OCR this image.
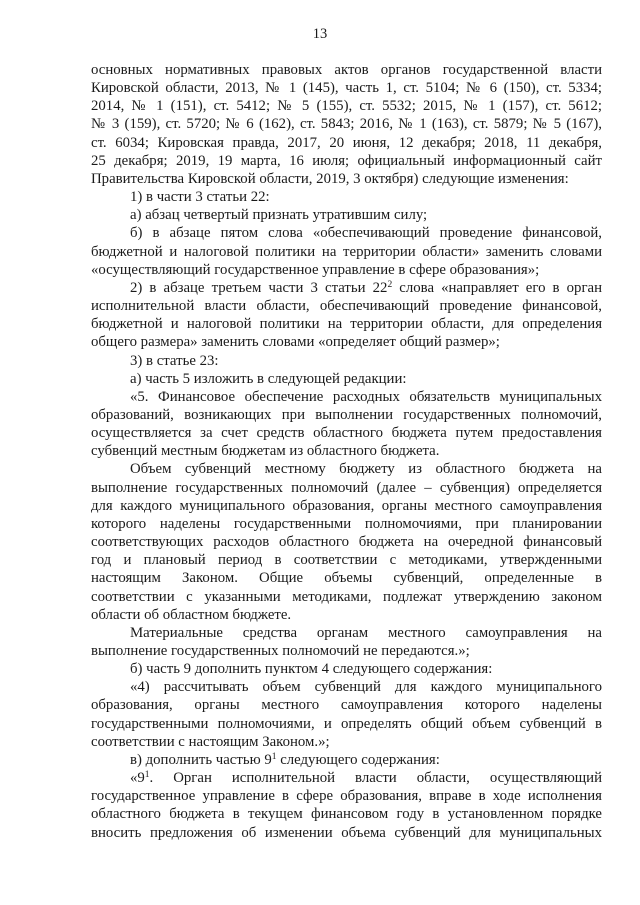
13
основных нормативных правовых актов органов государственной власти
Кировской области, 2013, № 1 (145), часть 1, ст. 5104; № 6 (150), ст. 5334;
2014, № 1 (151), ст. 5412; № 5 (155), ст. 5532; 2015, № 1 (157), ст. 5612;
№ 3 (159), ст. 5720; № 6 (162), ст. 5843; 2016, № 1 (163), ст. 5879; № 5 (167),
ст. 6034; Кировская правда, 2017, 20 июня, 12 декабря; 2018, 11 декабря,
25 декабря; 2019, 19 марта, 16 июля; официальный информационный сайт
Правительства Кировской области, 2019, 3 октября) следующие изменения:
1) в части 3 статьи 22:
а) абзац четвертый признать утратившим силу;
б) в абзаце пятом слова «обеспечивающий проведение финансовой,
бюджетной и налоговой политики на территории области» заменить словами
«осуществляющий государственное управление в сфере образования»;
2) в абзаце третьем части 3 статьи $22^2$ слова «направляет его в орган
исполнительной власти области, обеспечивающий проведение финансовой,
бюджетной и налоговой политики на территории области, для определения
общего размера» заменить словами «определяет общий размер»;
3) в статье 23:
а) часть 5 изложить в следующей редакции:
«5. Финансовое обеспечение расходных обязательств муниципальных
образований, возникающих при выполнении государственных полномочий,
осуществляется за счет средств областного бюджета путем предоставления
субвенций местным бюджетам из областного бюджета.
Объем субвенций местному бюджету из областного бюджета на
выполнение государственных полномочий (далее – субвенция) определяется
для каждого муниципального образования, органы местного самоуправления
которого наделены государственными полномочиями, при планировании
соответствующих расходов областного бюджета на очередной финансовый
год и плановый период в соответствии с методиками, утвержденными
настоящим Законом. Общие объемы субвенций, определенные в
соответствии с указанными методиками, подлежат утверждению законом
области об областном бюджете.
Материальные средства органам местного самоуправления на
выполнение государственных полномочий не передаются.»;
б) часть 9 дополнить пунктом 4 следующего содержания:
«4) рассчитывать объем субвенций для каждого муниципального
образования, органы местного самоуправления которого наделены
государственными полномочиями, и определять общий объем субвенций в
соответствии с настоящим Законом.»;
в) дополнить частью $9^1$ следующего содержания:
«$9^1$. Орган исполнительной власти области, осуществляющий
государственное управление в сфере образования, вправе в ходе исполнения
областного бюджета в текущем финансовом году в установленном порядке
вносить предложения об изменении объема субвенций для муниципальных
